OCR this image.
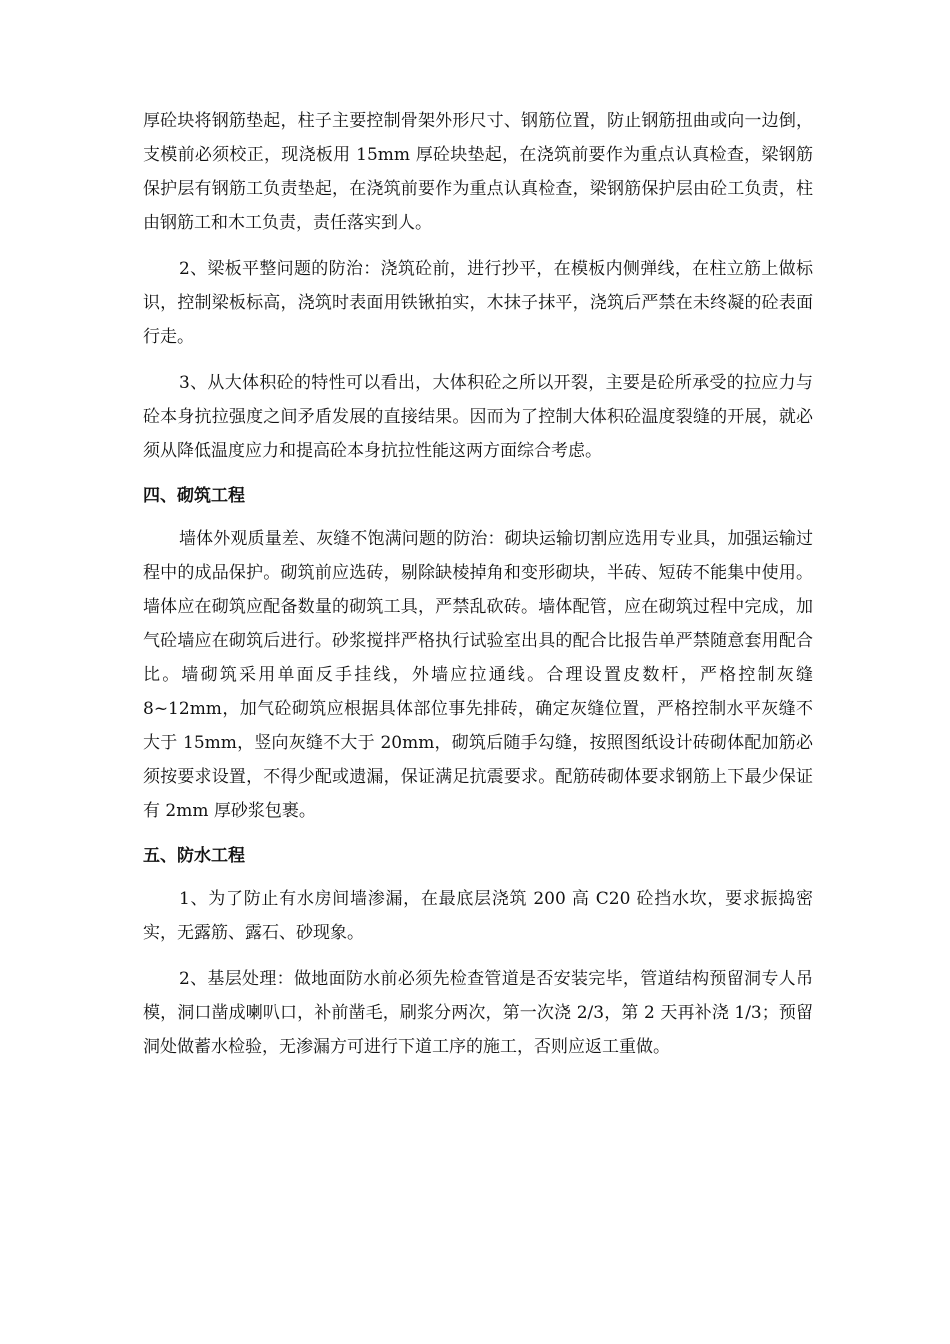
厚砼块将钢筋垫起，柱子主要控制骨架外形尺寸、钢筋位置，防止钢筋扭曲或向一边倒，支模前必须校正，现浇板用 15mm 厚砼块垫起，在浇筑前要作为重点认真检查，梁钢筋保护层有钢筋工负责垫起，在浇筑前要作为重点认真检查，梁钢筋保护层由砼工负责，柱由钢筋工和木工负责，责任落实到人。

2、梁板平整问题的防治：浇筑砼前，进行抄平，在模板内侧弹线，在柱立筋上做标识，控制梁板标高，浇筑时表面用铁锹拍实，木抹子抹平，浇筑后严禁在未终凝的砼表面行走。

3、从大体积砼的特性可以看出，大体积砼之所以开裂，主要是砼所承受的拉应力与砼本身抗拉强度之间矛盾发展的直接结果。因而为了控制大体积砼温度裂缝的开展，就必须从降低温度应力和提高砼本身抗拉性能这两方面综合考虑。

四、砌筑工程

墙体外观质量差、灰缝不饱满问题的防治：砌块运输切割应选用专业具，加强运输过程中的成品保护。砌筑前应选砖，剔除缺棱掉角和变形砌块，半砖、短砖不能集中使用。墙体应在砌筑应配备数量的砌筑工具，严禁乱砍砖。墙体配管，应在砌筑过程中完成，加气砼墙应在砌筑后进行。砂浆搅拌严格执行试验室出具的配合比报告单严禁随意套用配合比。墙砌筑采用单面反手挂线，外墙应拉通线。合理设置皮数杆，严格控制灰缝 8~12mm，加气砼砌筑应根据具体部位事先排砖，确定灰缝位置，严格控制水平灰缝不大于 15mm，竖向灰缝不大于 20mm，砌筑后随手勾缝，按照图纸设计砖砌体配加筋必须按要求设置，不得少配或遗漏，保证满足抗震要求。配筋砖砌体要求钢筋上下最少保证有 2mm 厚砂浆包裹。

五、防水工程

1、为了防止有水房间墙渗漏，在最底层浇筑 200 高 C20 砼挡水坎，要求振捣密实，无露筋、露石、砂现象。

2、基层处理：做地面防水前必须先检查管道是否安装完毕，管道结构预留洞专人吊模，洞口凿成喇叭口，补前凿毛，刷浆分两次，第一次浇 2/3，第 2 天再补浇 1/3；预留洞处做蓄水检验，无渗漏方可进行下道工序的施工，否则应返工重做。
